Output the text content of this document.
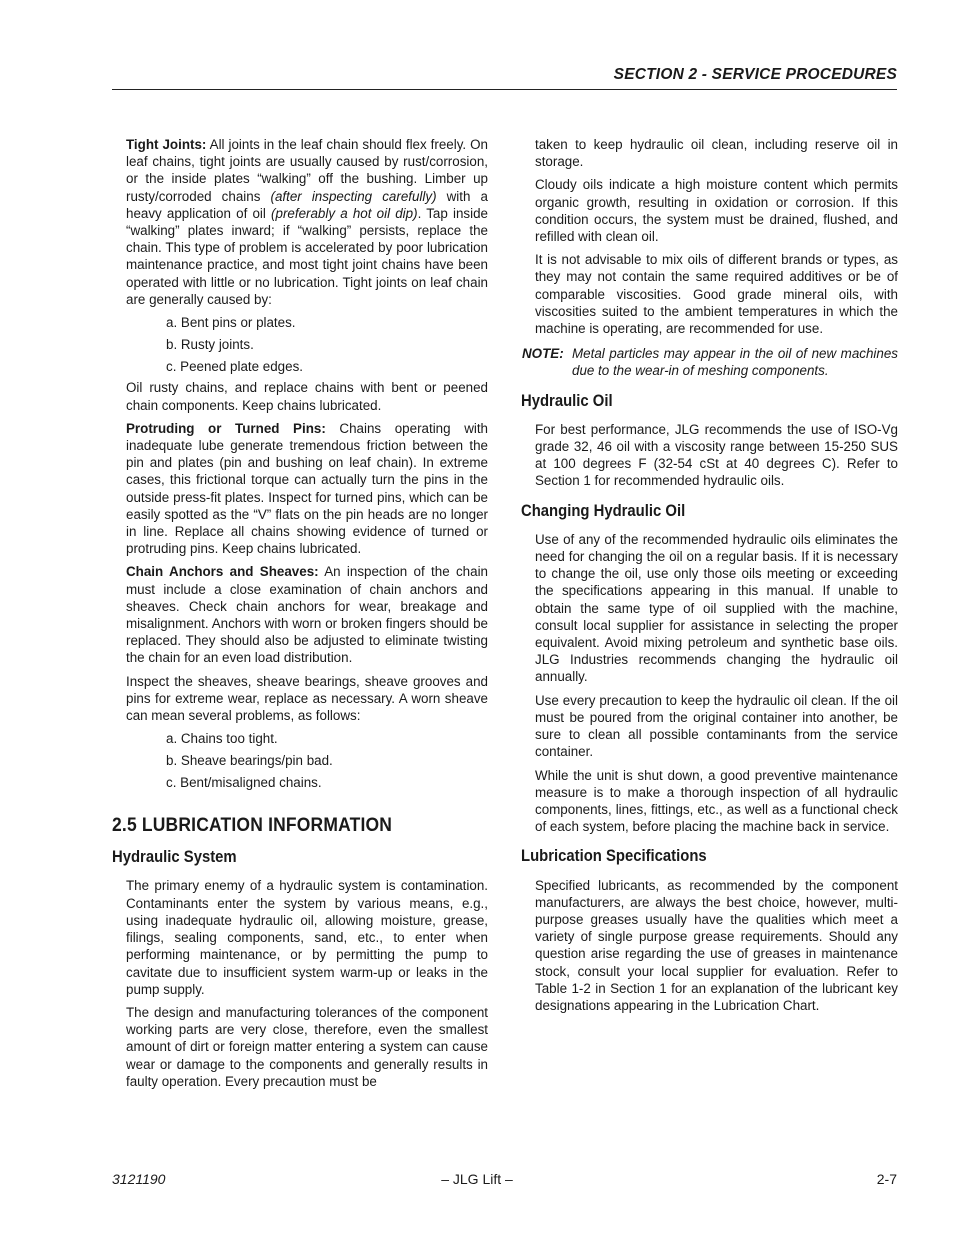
SECTION 2 - SERVICE PROCEDURES

Tight Joints: All joints in the leaf chain should flex freely. On leaf chains, tight joints are usually caused by rust/corrosion, or the inside plates “walking” off the bushing. Limber up rusty/corroded chains (after inspecting carefully) with a heavy application of oil (preferably a hot oil dip). Tap inside “walking” plates inward; if “walking” persists, replace the chain. This type of problem is accelerated by poor lubrication maintenance practice, and most tight joint chains have been operated with little or no lubrication. Tight joints on leaf chain are generally caused by:

a. Bent pins or plates.
b. Rusty joints.
c. Peened plate edges.

Oil rusty chains, and replace chains with bent or peened chain components. Keep chains lubricated.

Protruding or Turned Pins: Chains operating with inadequate lube generate tremendous friction between the pin and plates (pin and bushing on leaf chain). In extreme cases, this frictional torque can actually turn the pins in the outside press-fit plates. Inspect for turned pins, which can be easily spotted as the “V” flats on the pin heads are no longer in line. Replace all chains showing evidence of turned or protruding pins. Keep chains lubricated.

Chain Anchors and Sheaves: An inspection of the chain must include a close examination of chain anchors and sheaves. Check chain anchors for wear, breakage and misalignment. Anchors with worn or broken fingers should be replaced. They should also be adjusted to eliminate twisting the chain for an even load distribution.

Inspect the sheaves, sheave bearings, sheave grooves and pins for extreme wear, replace as necessary. A worn sheave can mean several problems, as follows:

a. Chains too tight.
b. Sheave bearings/pin bad.
c. Bent/misaligned chains.
2.5 LUBRICATION INFORMATION
Hydraulic System

The primary enemy of a hydraulic system is contamination. Contaminants enter the system by various means, e.g., using inadequate hydraulic oil, allowing moisture, grease, filings, sealing components, sand, etc., to enter when performing maintenance, or by permitting the pump to cavitate due to insufficient system warm-up or leaks in the pump supply.

The design and manufacturing tolerances of the component working parts are very close, therefore, even the smallest amount of dirt or foreign matter entering a system can cause wear or damage to the components and generally results in faulty operation. Every precaution must be

taken to keep hydraulic oil clean, including reserve oil in storage.

Cloudy oils indicate a high moisture content which permits organic growth, resulting in oxidation or corrosion. If this condition occurs, the system must be drained, flushed, and refilled with clean oil.

It is not advisable to mix oils of different brands or types, as they may not contain the same required additives or be of comparable viscosities. Good grade mineral oils, with viscosities suited to the ambient temperatures in which the machine is operating, are recommended for use.

NOTE: Metal particles may appear in the oil of new machines due to the wear-in of meshing components.
Hydraulic Oil

For best performance, JLG recommends the use of ISO-Vg grade 32, 46 oil with a viscosity range between 15-250 SUS at 100 degrees F (32-54 cSt at 40 degrees C). Refer to Section 1 for recommended hydraulic oils.

Changing Hydraulic Oil

Use of any of the recommended hydraulic oils eliminates the need for changing the oil on a regular basis. If it is necessary to change the oil, use only those oils meeting or exceeding the specifications appearing in this manual. If unable to obtain the same type of oil supplied with the machine, consult local supplier for assistance in selecting the proper equivalent. Avoid mixing petroleum and synthetic base oils. JLG Industries recommends changing the hydraulic oil annually.

Use every precaution to keep the hydraulic oil clean. If the oil must be poured from the original container into another, be sure to clean all possible contaminants from the service container.

While the unit is shut down, a good preventive maintenance measure is to make a thorough inspection of all hydraulic components, lines, fittings, etc., as well as a functional check of each system, before placing the machine back in service.

Lubrication Specifications

Specified lubricants, as recommended by the component manufacturers, are always the best choice, however, multi-purpose greases usually have the qualities which meet a variety of single purpose grease requirements. Should any question arise regarding the use of greases in maintenance stock, consult your local supplier for evaluation. Refer to Table 1-2 in Section 1 for an explanation of the lubricant key designations appearing in the Lubrication Chart.

3121190	– JLG Lift –	2-7
